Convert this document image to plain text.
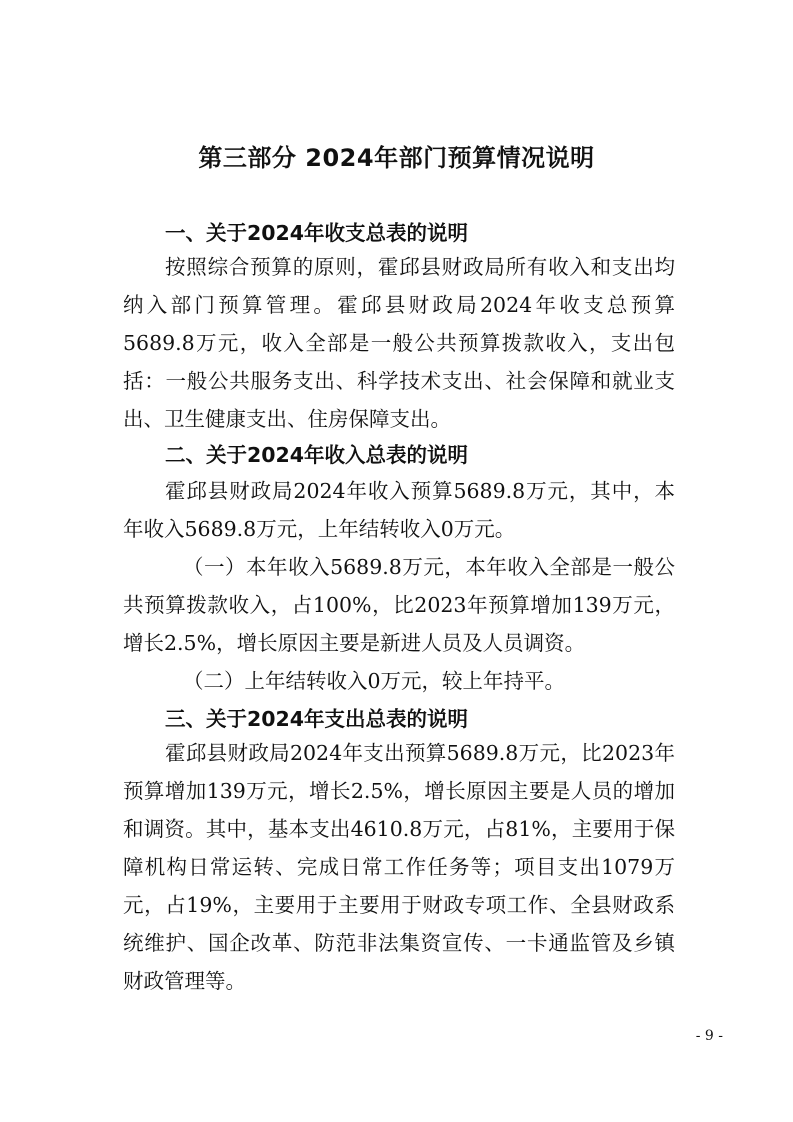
第三部分 2024年部门预算情况说明
一、关于2024年收支总表的说明

按照综合预算的原则，霍邱县财政局所有收入和支出均纳入部门预算管理。霍邱县财政局2024年收支总预算5689.8万元，收入全部是一般公共预算拨款收入，支出包括：一般公共服务支出、科学技术支出、社会保障和就业支出、卫生健康支出、住房保障支出。

二、关于2024年收入总表的说明

霍邱县财政局2024年收入预算5689.8万元，其中，本年收入5689.8万元，上年结转收入0万元。

（一）本年收入5689.8万元，本年收入全部是一般公共预算拨款收入，占100%，比2023年预算增加139万元，增长2.5%，增长原因主要是新进人员及人员调资。

（二）上年结转收入0万元，较上年持平。

三、关于2024年支出总表的说明

霍邱县财政局2024年支出预算5689.8万元，比2023年预算增加139万元，增长2.5%，增长原因主要是人员的增加和调资。其中，基本支出4610.8万元，占81%，主要用于保障机构日常运转、完成日常工作任务等；项目支出1079万元，占19%，主要用于主要用于财政专项工作、全县财政系统维护、国企改革、防范非法集资宣传、一卡通监管及乡镇财政管理等。

- 9 -
